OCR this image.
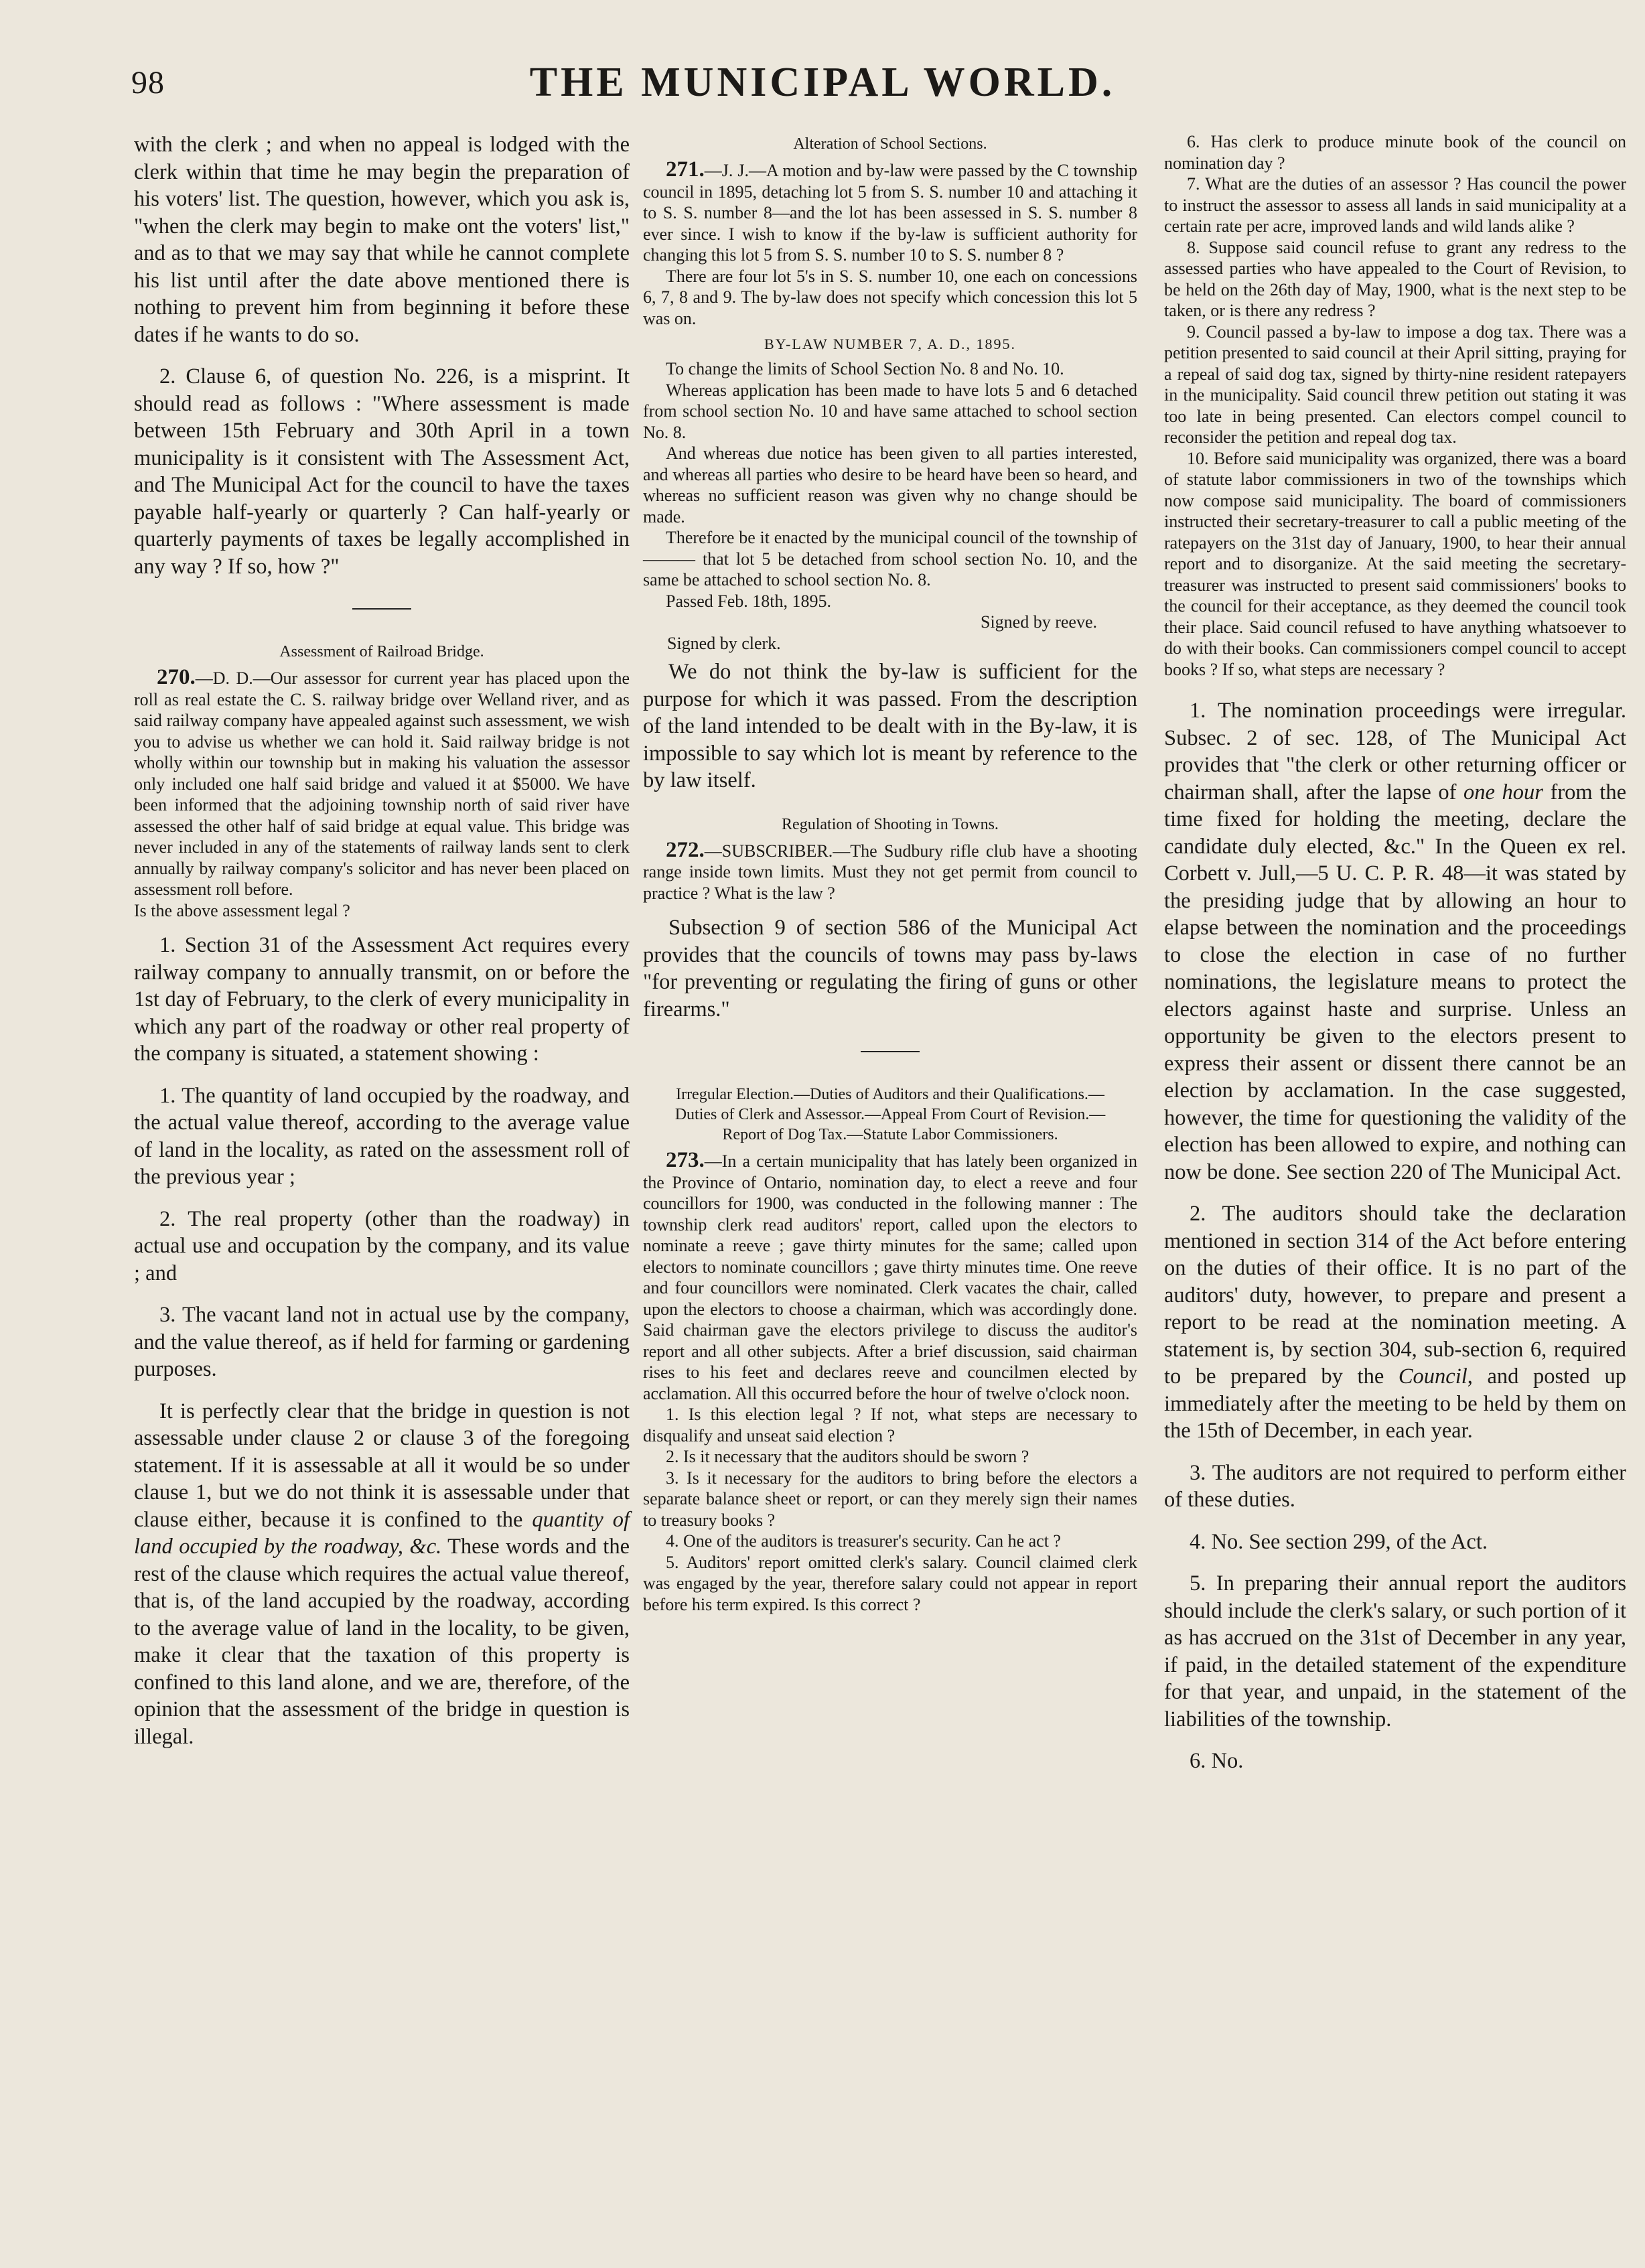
98	THE MUNICIPAL WORLD.

with the clerk ; and when no appeal is lodged with the clerk within that time he may begin the preparation of his voters' list. The question, however, which you ask is, "when the clerk may begin to make ont the voters' list," and as to that we may say that while he cannot complete his list until after the date above mentioned there is nothing to prevent him from beginning it before these dates if he wants to do so.

2. Clause 6, of question No. 226, is a misprint. It should read as follows : "Where assessment is made between 15th February and 30th April in a town municipality is it consistent with The Assessment Act, and The Municipal Act for the council to have the taxes payable half-yearly or quarterly ? Can half-yearly or quarterly payments of taxes be legally accomplished in any way ? If so, how ?"

Assessment of Railroad Bridge.

270.—D. D.—Our assessor for current year has placed upon the roll as real estate the C. S. railway bridge over Welland river, and as said railway company have appealed against such assessment, we wish you to advise us whether we can hold it. Said railway bridge is not wholly within our township but in making his valuation the assessor only included one half said bridge and valued it at $5000. We have been informed that the adjoining township north of said river have assessed the other half of said bridge at equal value. This bridge was never included in any of the statements of railway lands sent to clerk annually by railway company's solicitor and has never been placed on assessment roll before.

Is the above assessment legal ?

1. Section 31 of the Assessment Act requires every railway company to annually transmit, on or before the 1st day of February, to the clerk of every municipality in which any part of the roadway or other real property of the company is situated, a statement showing :

1. The quantity of land occupied by the roadway, and the actual value thereof, according to the average value of land in the locality, as rated on the assessment roll of the previous year ;

2. The real property (other than the roadway) in actual use and occupation by the company, and its value ; and

3. The vacant land not in actual use by the company, and the value thereof, as if held for farming or gardening purposes.

It is perfectly clear that the bridge in question is not assessable under clause 2 or clause 3 of the foregoing statement. If it is assessable at all it would be so under clause 1, but we do not think it is assessable under that clause either, because it is confined to the quantity of land occupied by the roadway, &c. These words and the rest of the clause which requires the actual value thereof, that is, of the land accupied by the roadway, according to the average value of land in the locality, to be given, make it clear that the taxation of this property is confined to this land alone, and we are, therefore, of the opinion that the assessment of the bridge in question is illegal.

Alteration of School Sections.

271.—J. J.—A motion and by-law were passed by the C township council in 1895, detaching lot 5 from S. S. number 10 and attaching it to S. S. number 8—and the lot has been assessed in S. S. number 8 ever since. I wish to know if the by-law is sufficient authority for changing this lot 5 from S. S. number 10 to S. S. number 8 ?

There are four lot 5's in S. S. number 10, one each on concessions 6, 7, 8 and 9. The by-law does not specify which concession this lot 5 was on.

BY-LAW NUMBER 7, A. D., 1895.

To change the limits of School Section No. 8 and No. 10.

Whereas application has been made to have lots 5 and 6 detached from school section No. 10 and have same attached to school section No. 8.

And whereas due notice has been given to all parties interested, and whereas all parties who desire to be heard have been so heard, and whereas no sufficient reason was given why no change should be made.

Therefore be it enacted by the municipal council of the township of ——— that lot 5 be detached from school section No. 10, and the same be attached to school section No. 8.

Passed Feb. 18th, 1895.

Signed by reeve.

Signed by clerk.

We do not think the by-law is sufficient for the purpose for which it was passed. From the description of the land intended to be dealt with in the By-law, it is impossible to say which lot is meant by reference to the by law itself.

Regulation of Shooting in Towns.

272.—SUBSCRIBER.—The Sudbury rifle club have a shooting range inside town limits. Must they not get permit from council to practice ? What is the law ?

Subsection 9 of section 586 of the Municipal Act provides that the councils of towns may pass by-laws "for preventing or regulating the firing of guns or other firearms."

Irregular Election.—Duties of Auditors and their Qualifications.—Duties of Clerk and Assessor.—Appeal From Court of Revision.—Report of Dog Tax.—Statute Labor Commissioners.

273.—In a certain municipality that has lately been organized in the Province of Ontario, nomination day, to elect a reeve and four councillors for 1900, was conducted in the following manner : The township clerk read auditors' report, called upon the electors to nominate a reeve ; gave thirty minutes for the same; called upon electors to nominate councillors ; gave thirty minutes time. One reeve and four councillors were nominated. Clerk vacates the chair, called upon the electors to choose a chairman, which was accordingly done. Said chairman gave the electors privilege to discuss the auditor's report and all other subjects. After a brief discussion, said chairman rises to his feet and declares reeve and councilmen elected by acclamation. All this occurred before the hour of twelve o'clock noon.

1. Is this election legal ? If not, what steps are necessary to disqualify and unseat said election ?

2. Is it necessary that the auditors should be sworn ?

3. Is it necessary for the auditors to bring before the electors a separate balance sheet or report, or can they merely sign their names to treasury books ?

4. One of the auditors is treasurer's security. Can he act ?

5. Auditors' report omitted clerk's salary. Council claimed clerk was engaged by the year, therefore salary could not appear in report before his term expired. Is this correct ?

6. Has clerk to produce minute book of the council on nomination day ?

7. What are the duties of an assessor ? Has council the power to instruct the assessor to assess all lands in said municipality at a certain rate per acre, improved lands and wild lands alike ?

8. Suppose said council refuse to grant any redress to the assessed parties who have appealed to the Court of Revision, to be held on the 26th day of May, 1900, what is the next step to be taken, or is there any redress ?

9. Council passed a by-law to impose a dog tax. There was a petition presented to said council at their April sitting, praying for a repeal of said dog tax, signed by thirty-nine resident ratepayers in the municipality. Said council threw petition out stating it was too late in being presented. Can electors compel council to reconsider the petition and repeal dog tax.

10. Before said municipality was organized, there was a board of statute labor commissioners in two of the townships which now compose said municipality. The board of commissioners instructed their secretary-treasurer to call a public meeting of the ratepayers on the 31st day of January, 1900, to hear their annual report and to disorganize. At the said meeting the secretary-treasurer was instructed to present said commissioners' books to the council for their acceptance, as they deemed the council took their place. Said council refused to have anything whatsoever to do with their books. Can commissioners compel council to accept books ? If so, what steps are necessary ?

1. The nomination proceedings were irregular. Subsec. 2 of sec. 128, of The Municipal Act provides that "the clerk or other returning officer or chairman shall, after the lapse of one hour from the time fixed for holding the meeting, declare the candidate duly elected, &c." In the Queen ex rel. Corbett v. Jull,—5 U. C. P. R. 48—it was stated by the presiding judge that by allowing an hour to elapse between the nomination and the proceedings to close the election in case of no further nominations, the legislature means to protect the electors against haste and surprise. Unless an opportunity be given to the electors present to express their assent or dissent there cannot be an election by acclamation. In the case suggested, however, the time for questioning the validity of the election has been allowed to expire, and nothing can now be done. See section 220 of The Municipal Act.

2. The auditors should take the declaration mentioned in section 314 of the Act before entering on the duties of their office. It is no part of the auditors' duty, however, to prepare and present a report to be read at the nomination meeting. A statement is, by section 304, sub-section 6, required to be prepared by the Council, and posted up immediately after the meeting to be held by them on the 15th of December, in each year.

3. The auditors are not required to perform either of these duties.

4. No. See section 299, of the Act.

5. In preparing their annual report the auditors should include the clerk's salary, or such portion of it as has accrued on the 31st of December in any year, if paid, in the detailed statement of the expenditure for that year, and unpaid, in the statement of the liabilities of the township.

6. No.
